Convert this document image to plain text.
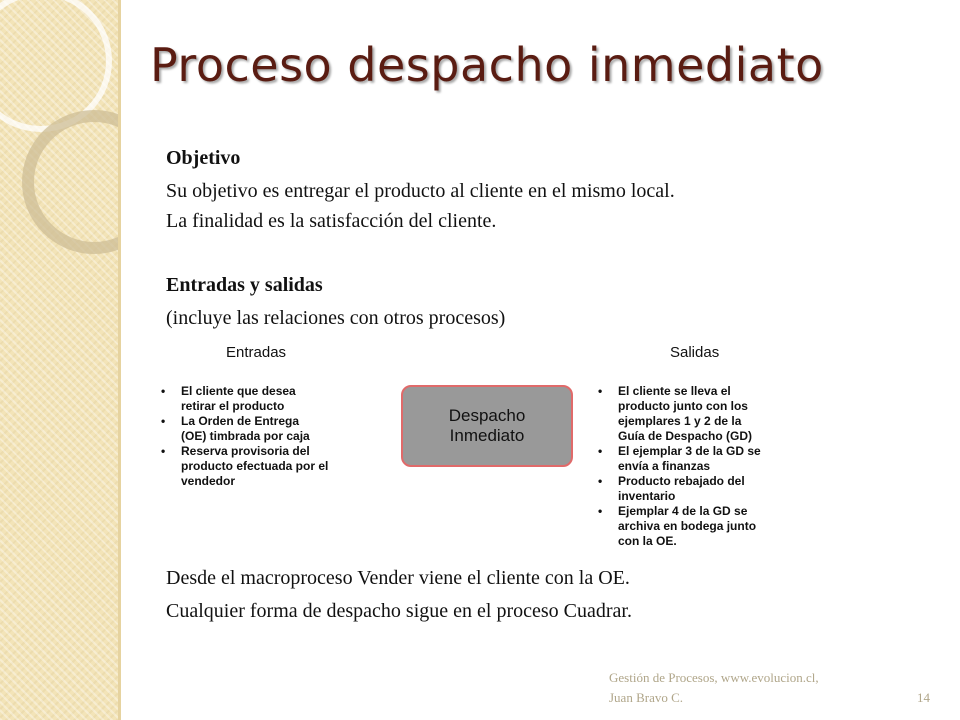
Proceso despacho inmediato
Objetivo
Su objetivo es entregar el producto al cliente en el mismo local.
La finalidad es la satisfacción del cliente.
Entradas y salidas
(incluye las relaciones con otros procesos)
Entradas	Salidas
• El cliente que desea
retirar el producto
• La Orden de Entrega
(OE) timbrada por caja
• Reserva provisoria del
producto efectuada por el
vendedor
Despacho
Inmediato
• El cliente se lleva el
producto junto con los
ejemplares 1 y 2 de la
Guía de Despacho (GD)
• El ejemplar 3 de la GD se
envía a finanzas
• Producto rebajado del
inventario
• Ejemplar 4 de la GD se
archiva en bodega junto
con la OE.
Desde el macroproceso Vender viene el cliente con la OE.
Cualquier forma de despacho sigue en el proceso Cuadrar.
Gestión de Procesos, www.evolucion.cl,
Juan Bravo C.	14
